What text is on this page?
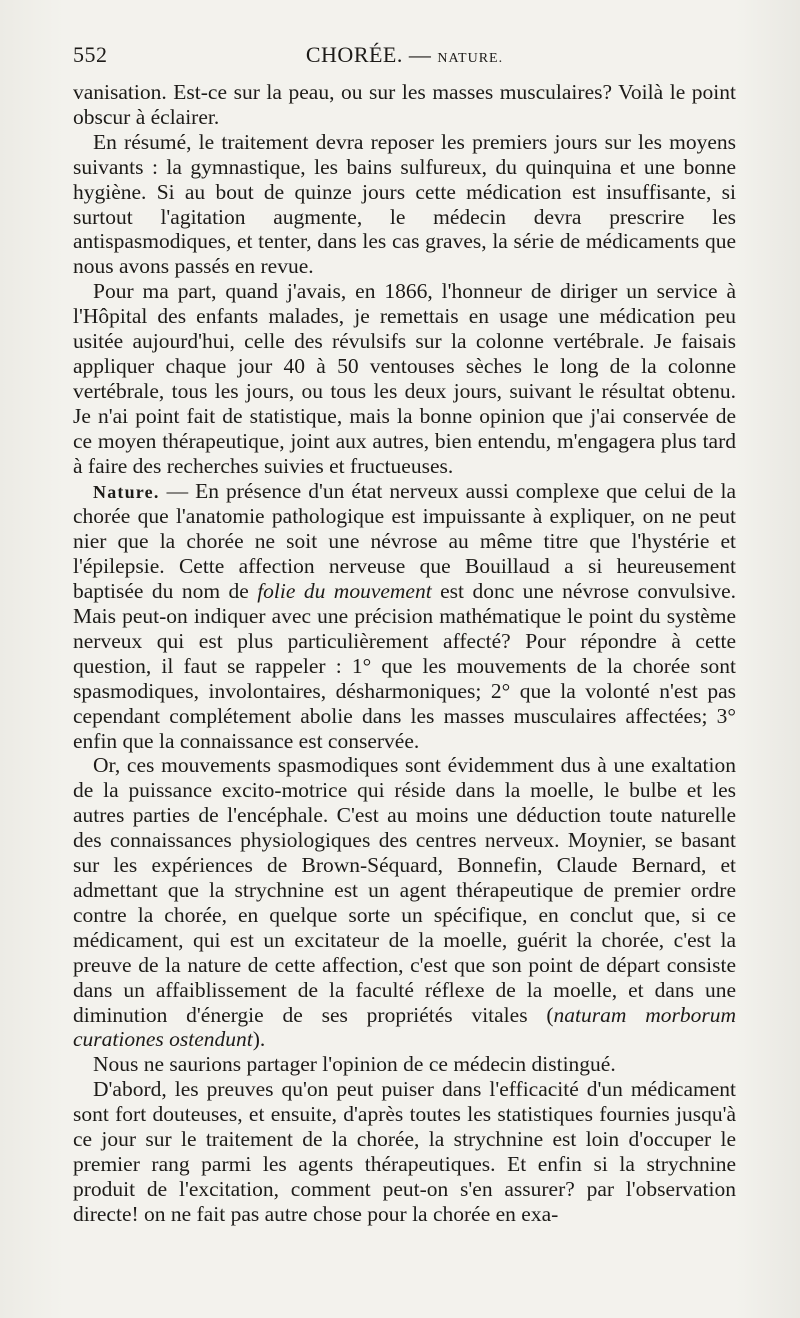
552	CHORÉE. — NATURE.

vanisation. Est-ce sur la peau, ou sur les masses musculaires? Voilà le point obscur à éclairer.

En résumé, le traitement devra reposer les premiers jours sur les moyens suivants : la gymnastique, les bains sulfureux, du quinquina et une bonne hygiène. Si au bout de quinze jours cette médication est insuffisante, si surtout l'agitation augmente, le médecin devra prescrire les antispasmodiques, et tenter, dans les cas graves, la série de médicaments que nous avons passés en revue.

Pour ma part, quand j'avais, en 1866, l'honneur de diriger un service à l'Hôpital des enfants malades, je remettais en usage une médication peu usitée aujourd'hui, celle des révulsifs sur la colonne vertébrale. Je faisais appliquer chaque jour 40 à 50 ventouses sèches le long de la colonne vertébrale, tous les jours, ou tous les deux jours, suivant le résultat obtenu. Je n'ai point fait de statistique, mais la bonne opinion que j'ai conservée de ce moyen thérapeutique, joint aux autres, bien entendu, m'engagera plus tard à faire des recherches suivies et fructueuses.

Nature. — En présence d'un état nerveux aussi complexe que celui de la chorée que l'anatomie pathologique est impuissante à expliquer, on ne peut nier que la chorée ne soit une névrose au même titre que l'hystérie et l'épilepsie. Cette affection nerveuse que Bouillaud a si heureusement baptisée du nom de folie du mouvement est donc une névrose convulsive. Mais peut-on indiquer avec une précision mathématique le point du système nerveux qui est plus particulièrement affecté? Pour répondre à cette question, il faut se rappeler : 1° que les mouvements de la chorée sont spasmodiques, involontaires, désharmoniques; 2° que la volonté n'est pas cependant complétement abolie dans les masses musculaires affectées; 3° enfin que la connaissance est conservée.

Or, ces mouvements spasmodiques sont évidemment dus à une exaltation de la puissance excito-motrice qui réside dans la moelle, le bulbe et les autres parties de l'encéphale. C'est au moins une déduction toute naturelle des connaissances physiologiques des centres nerveux. Moynier, se basant sur les expériences de Brown-Séquard, Bonnefin, Claude Bernard, et admettant que la strychnine est un agent thérapeutique de premier ordre contre la chorée, en quelque sorte un spécifique, en conclut que, si ce médicament, qui est un excitateur de la moelle, guérit la chorée, c'est la preuve de la nature de cette affection, c'est que son point de départ consiste dans un affaiblissement de la faculté réflexe de la moelle, et dans une diminution d'énergie de ses propriétés vitales (naturam morborum curationes ostendunt).

Nous ne saurions partager l'opinion de ce médecin distingué.

D'abord, les preuves qu'on peut puiser dans l'efficacité d'un médicament sont fort douteuses, et ensuite, d'après toutes les statistiques fournies jusqu'à ce jour sur le traitement de la chorée, la strychnine est loin d'occuper le premier rang parmi les agents thérapeutiques. Et enfin si la strychnine produit de l'excitation, comment peut-on s'en assurer? par l'observation directe! on ne fait pas autre chose pour la chorée en exa-
